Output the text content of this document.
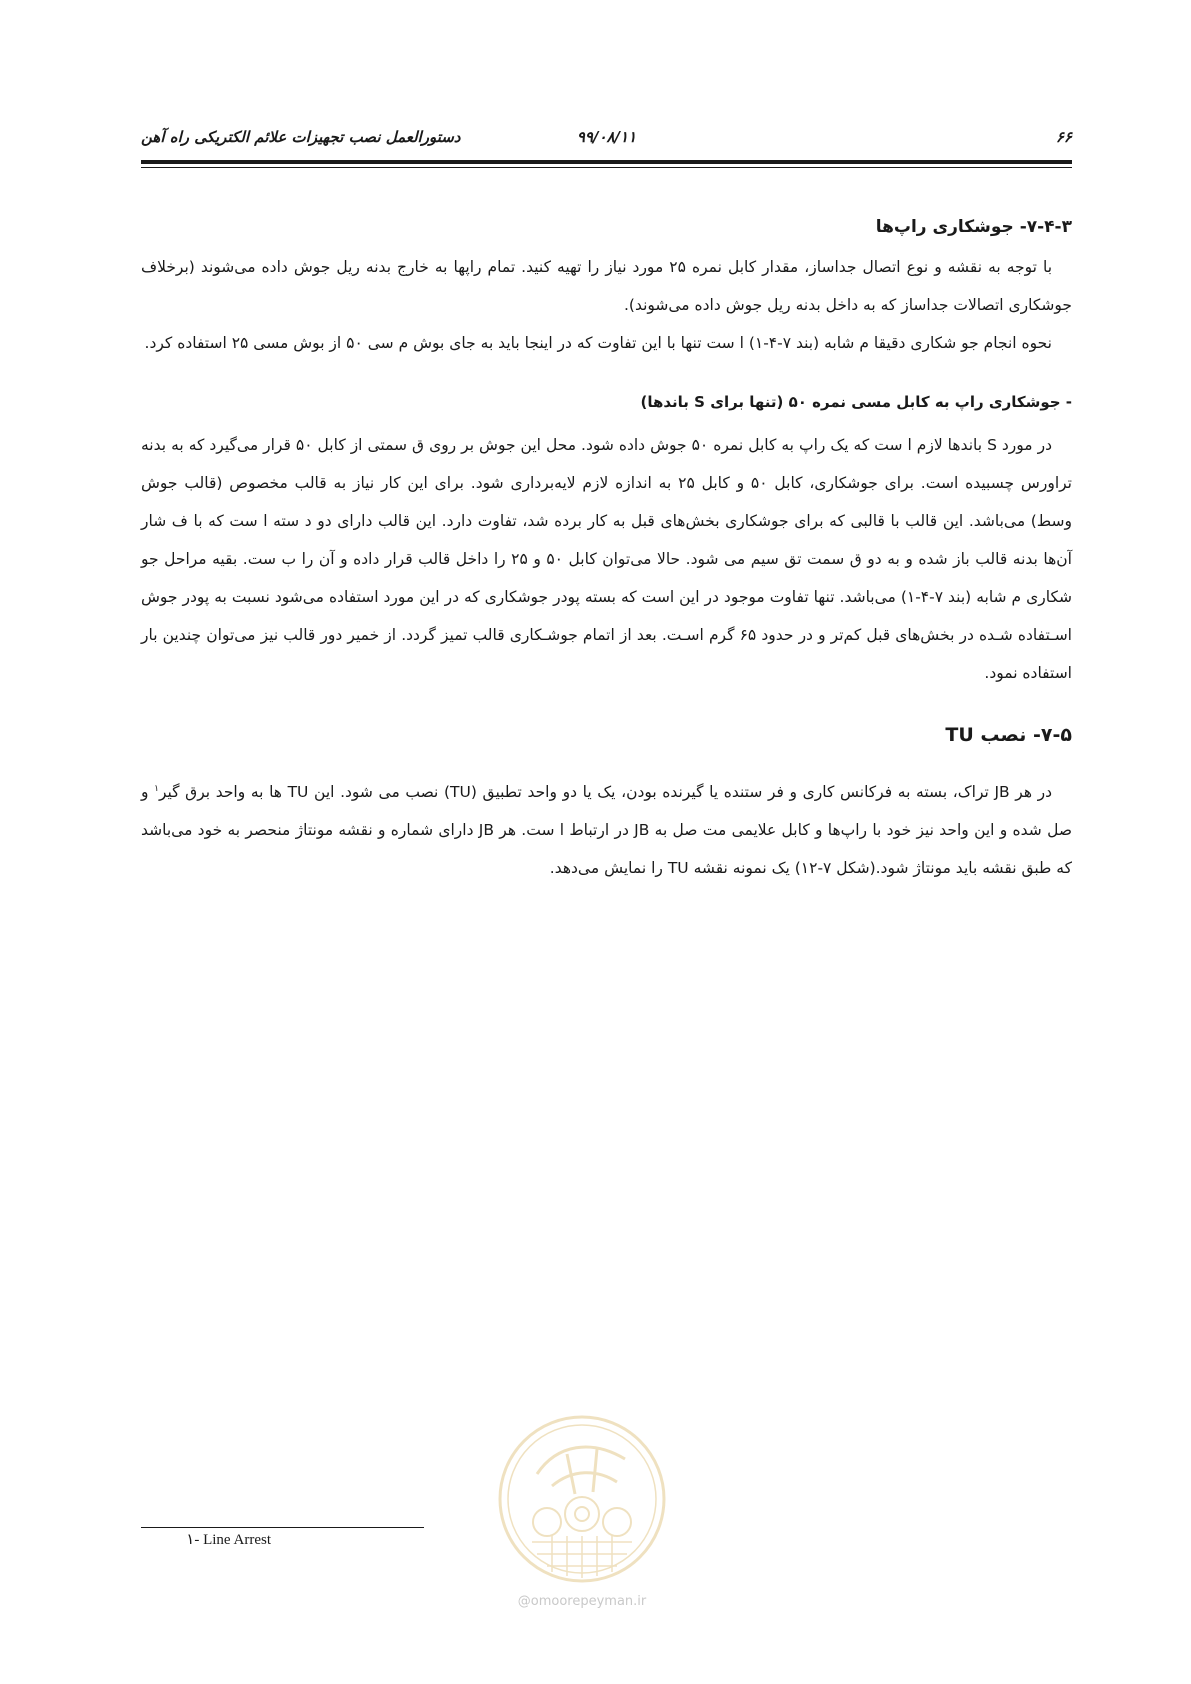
۶۶
۹۹/۰۸/۱۱
دستورالعمل نصب تجهیزات علائم الکتریکی راه آهن
۷-۴-۳- جوشکاری راپ‌ها

با توجه به نقشه و نوع اتصال جداساز، مقدار کابل نمره ۲۵ مورد نیاز را تهیه کنید. تمام راپها به خارج بدنه ریل جوش داده می‌شوند (برخلاف جوشکاری اتصالات جداساز که به داخل بدنه ریل جوش داده می‌شوند).

نحوه انجام جو شکاری دقیقا م شابه (بند ۷-۴-۱) ا ست تنها با این تفاوت که در اینجا باید به جای بوش م سی ۵۰ از بوش مسی ۲۵ استفاده کرد.

- جوشکاری راپ به کابل مسی نمره ۵۰ (تنها برای S باندها)

در مورد S باندها لازم ا ست که یک راپ به کابل نمره ۵۰ جوش داده شود. محل این جوش بر روی ق سمتی از کابل ۵۰ قرار می‌گیرد که به بدنه تراورس چسبیده است. برای جوشکاری، کابل ۵۰ و کابل ۲۵ به اندازه لازم لایه‌برداری شود. برای این کار نیاز به قالب مخصوص (قالب جوش وسط) می‌باشد. این قالب با قالبی که برای جوشکاری بخش‌های قبل به کار برده شد، تفاوت دارد. این قالب دارای دو د سته ا ست که با ف شار آن‌ها بدنه قالب باز شده و به دو ق سمت تق سیم می شود. حالا می‌توان کابل ۵۰ و ۲۵ را داخل قالب قرار داده و آن را ب ست. بقیه مراحل جو شکاری م شابه (بند ۷-۴-۱) می‌باشد. تنها تفاوت موجود در این است که بسته پودر جوشکاری که در این مورد استفاده می‌شود نسبت به پودر جوش اسـتفاده شـده در بخش‌های قبل کم‌تر و در حدود ۶۵ گرم اسـت. بعد از اتمام جوشـکاری قالب تمیز گردد. از خمیر دور قالب نیز می‌توان چندین بار استفاده نمود.

۷-۵- نصب TU

در هر JB تراک، بسته به فرکانس کاری و فر ستنده یا گیرنده بودن، یک یا دو واحد تطبیق (TU) نصب می شود. این TU ها به واحد برق گیر$^۱$ و صل شده و این واحد نیز خود با راپ‌ها و کابل علایمی مت صل به JB در ارتباط ا ست. هر JB دارای شماره و نقشه مونتاژ منحصر به خود می‌باشد که طبق نقشه باید مونتاژ شود.(شکل ۷-۱۲) یک نمونه نقشه TU را نمایش می‌دهد.

@omoorepeyman.ir
۱- Line Arrest
